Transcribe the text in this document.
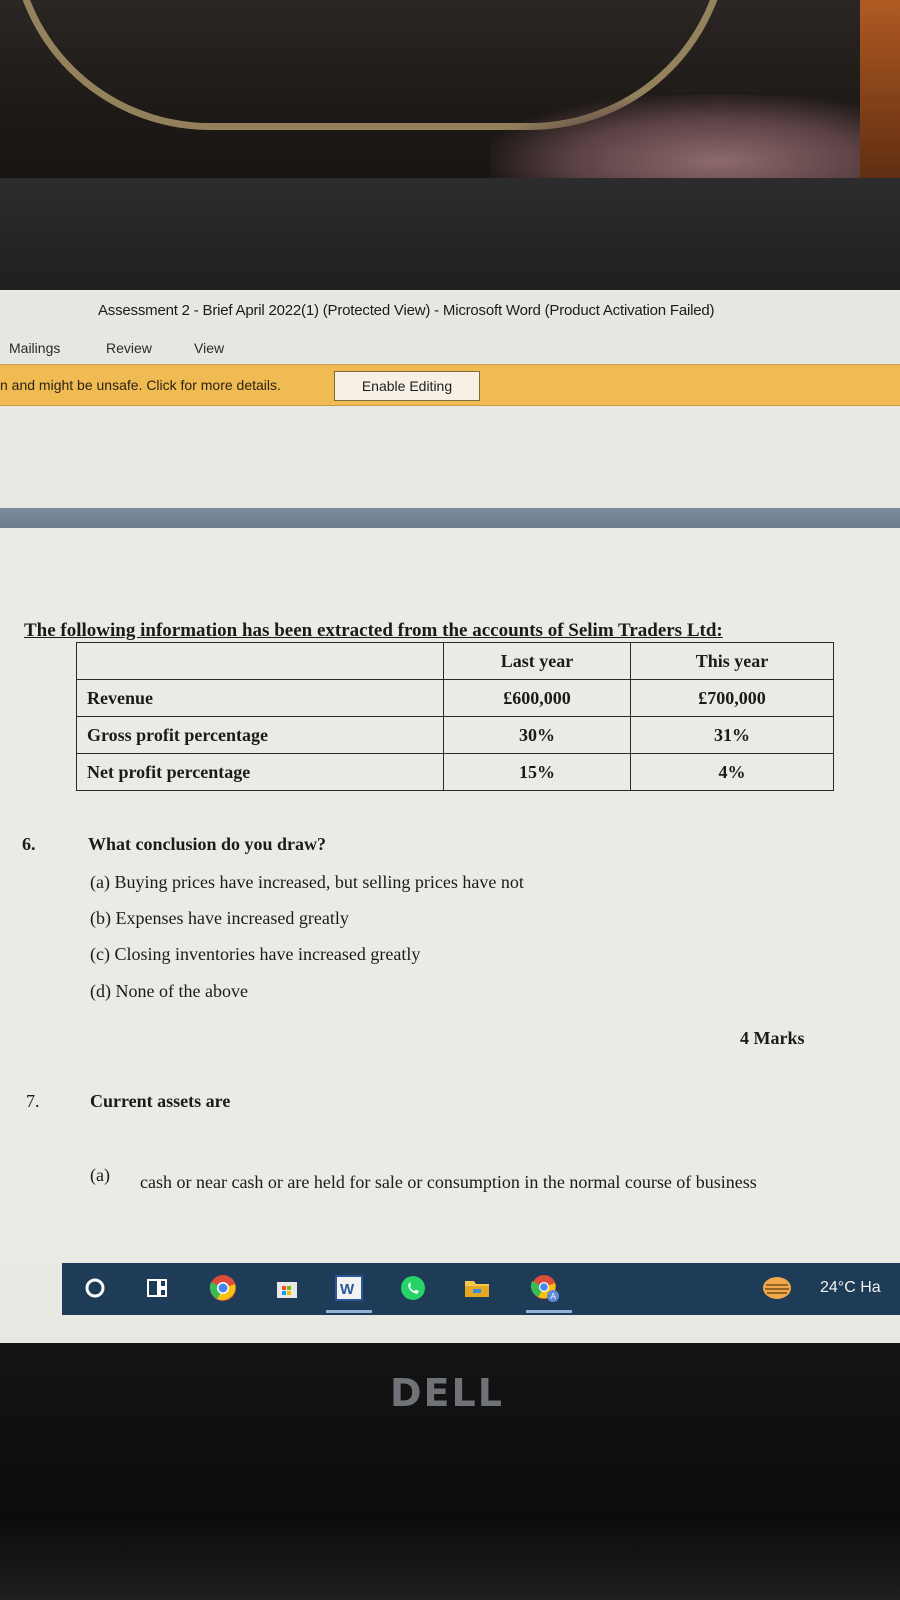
Assessment 2 - Brief April 2022(1) (Protected View) - Microsoft Word (Product Activation Failed)
Mailings	Review	View
n and might be unsafe. Click for more details.	Enable Editing
The following information has been extracted from the accounts of Selim Traders Ltd:
	Last year	This year
Revenue	£600,000	£700,000
Gross profit percentage	30%	31%
Net profit percentage	15%	4%
6.	What conclusion do you draw?
(a) Buying prices have increased, but selling prices have not
(b) Expenses have increased greatly
(c) Closing inventories have increased greatly
(d) None of the above
4 Marks
7.	Current assets are
(a) cash or near cash or are held for sale or consumption in the normal course of business
W	A
24°C Ha
DELL
